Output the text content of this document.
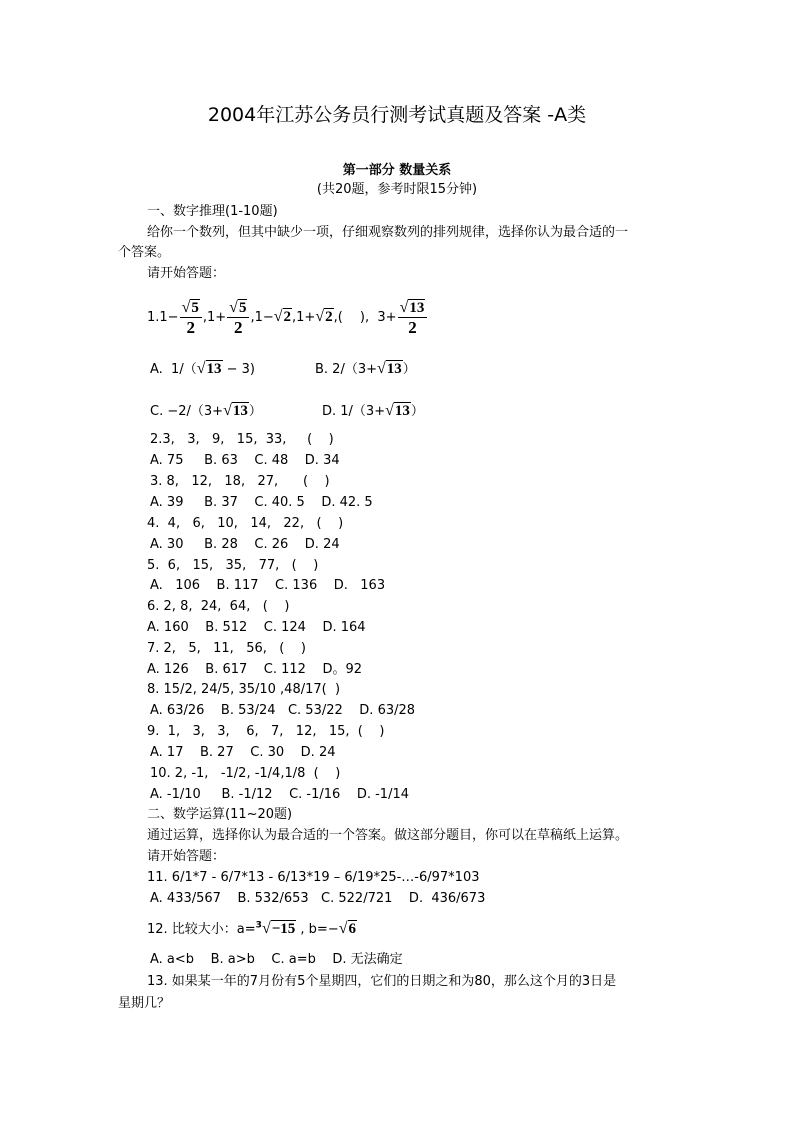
2004年江苏公务员行测考试真题及答案 -A类
第一部分 数量关系
(共20题，参考时限15分钟)
一、数字推理(1-10题)
给你一个数列，但其中缺少一项，仔细观察数列的排列规律，选择你认为最合适的一
个答案。
请开始答题：
$1.1- \frac{√5}{2} ,1+ \frac{√5}{2} ,1-√2,1+√2$,(　 ),  $3+ \frac{√13}{2}$
A.  1/（√13 − 3)	B. 2/（3+√13）
C. −2/（3+√13）	D. 1/（3+√13）
2.3,   3,   9,   15,  33,     (    )
A. 75     B. 63    C. 48    D. 34
3. 8,   12,   18,   27,      (    )
A. 39     B. 37    C. 40. 5    D. 42. 5
4.  4,   6,   10,   14,   22,   (    )
A. 30     B. 28    C. 26    D. 24
5.  6,   15,   35,   77,   (    )
A.   106    B. 117    C. 136    D.   163
6. 2, 8,  24,  64,   (    )
A. 160    B. 512    C. 124    D. 164
7. 2,   5,   11,   56,   (    )
A. 126    B. 617    C. 112    D。92
8. 15/2, 24/5, 35/10 ,48/17(  )
A. 63/26    B. 53/24   C. 53/22    D. 63/28
9.  1,   3,   3,    6,   7,   12,   15,  (    )
A. 17    B. 27    C. 30    D. 24
10. 2, -1,   -1/2, -1/4,1/8  (    )
A. -1/10     B. -1/12    C. -1/16    D. -1/14
二、数学运算(11~20题)
通过运算，选择你认为最合适的一个答案。做这部分题目，你可以在草稿纸上运算。
请开始答题：
11. 6/1*7 - 6/7*13 - 6/13*19 – 6/19*25-…-6/97*103
A. 433/567    B. 532/653   C. 522/721    D.  436/673
12. 比较大小：a=$^3$√−15 , b=−√6
A. a<b    B. a>b    C. a=b    D. 无法确定
13. 如果某一年的7月份有5个星期四，它们的日期之和为80，那么这个月的3日是
星期几？
